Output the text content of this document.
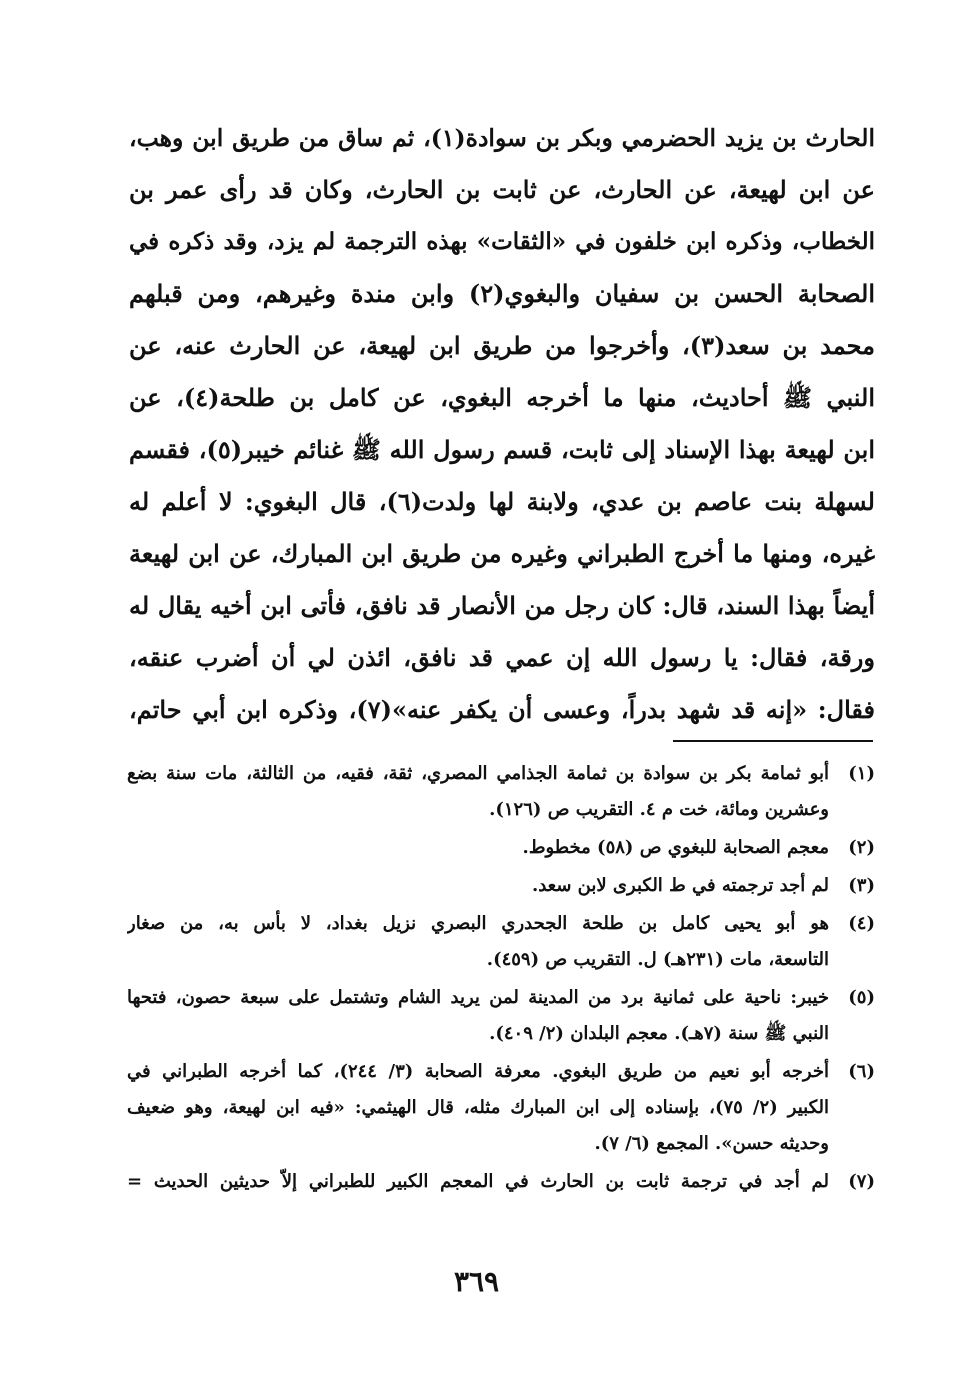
الحارث بن يزيد الحضرمي وبكر بن سوادة(١)، ثم ساق من طريق ابن وهب،
عن ابن لهيعة، عن الحارث، عن ثابت بن الحارث، وكان قد رأى عمر بن
الخطاب، وذكره ابن خلفون في «الثقات» بهذه الترجمة لم يزد، وقد ذكره في
الصحابة الحسن بن سفيان والبغوي(٢) وابن مندة وغيرهم، ومن قبلهم
محمد بن سعد(٣)، وأخرجوا من طريق ابن لهيعة، عن الحارث عنه، عن
النبي ﷺ أحاديث، منها ما أخرجه البغوي، عن كامل بن طلحة(٤)، عن
ابن لهيعة بهذا الإسناد إلى ثابت، قسم رسول الله ﷺ غنائم خيبر(٥)، فقسم
لسهلة بنت عاصم بن عدي، ولابنة لها ولدت(٦)، قال البغوي: لا أعلم له
غيره، ومنها ما أخرج الطبراني وغيره من طريق ابن المبارك، عن ابن لهيعة
أيضاً بهذا السند، قال: كان رجل من الأنصار قد نافق، فأتى ابن أخيه يقال له
ورقة، فقال: يا رسول الله إن عمي قد نافق، ائذن لي أن أضرب عنقه،
فقال: «إنه قد شهد بدراً، وعسى أن يكفر عنه»(٧)، وذكره ابن أبي حاتم،
(١)
أبو ثمامة بكر بن سوادة بن ثمامة الجذامي المصري، ثقة، فقيه، من الثالثة، مات سنة بضع
وعشرين ومائة، خت م ٤. التقريب ص (١٢٦).
(٢)
معجم الصحابة للبغوي ص (٥٨) مخطوط.
(٣)
لم أجد ترجمته في ط الكبرى لابن سعد.
(٤)
هو أبو يحيى كامل بن طلحة الجحدري البصري نزيل بغداد، لا بأس به، من صغار
التاسعة، مات (٢٣١هـ) ل. التقريب ص (٤٥٩).
(٥)
خيبر: ناحية على ثمانية برد من المدينة لمن يريد الشام وتشتمل على سبعة حصون، فتحها
النبي ﷺ سنة (٧هـ). معجم البلدان (٢/ ٤٠٩).
(٦)
أخرجه أبو نعيم من طريق البغوي. معرفة الصحابة (٣/ ٢٤٤)، كما أخرجه الطبراني في
الكبير (٢/ ٧٥)، بإسناده إلى ابن المبارك مثله، قال الهيثمي: «فيه ابن لهيعة، وهو ضعيف
وحديثه حسن». المجمع (٦/ ٧).
(٧)
لم أجد في ترجمة ثابت بن الحارث في المعجم الكبير للطبراني إلاّ حديثين الحديث =
٣٦٩
